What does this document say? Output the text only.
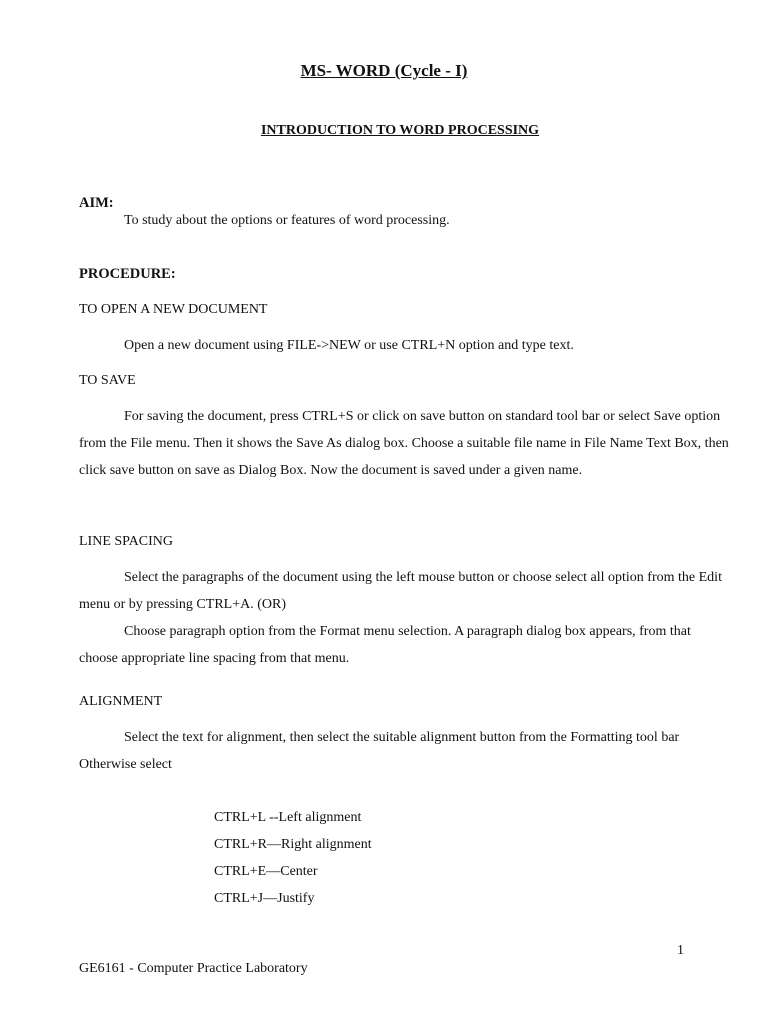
MS- WORD (Cycle - I)
INTRODUCTION TO WORD PROCESSING
AIM:
To study about the options or features of word processing.
PROCEDURE:
TO OPEN A NEW DOCUMENT
Open a new document using FILE->NEW or use CTRL+N option and type text.
TO SAVE
For saving the document, press CTRL+S or click on save button on standard tool bar or select Save option from the File menu. Then it shows the Save As dialog box. Choose a suitable file name in File Name Text Box, then click save button on save as Dialog Box. Now the document is saved under a given name.
LINE SPACING
Select the paragraphs of the document using the left mouse button or choose select all option from the Edit menu or by pressing CTRL+A. (OR)
Choose paragraph option from the Format menu selection. A paragraph dialog box appears, from that choose appropriate line spacing from that menu.
ALIGNMENT
Select the text for alignment, then select the suitable alignment button from the Formatting tool bar Otherwise select
CTRL+L --Left alignment
CTRL+R—Right alignment
CTRL+E—Center
CTRL+J—Justify
1
GE6161 - Computer Practice Laboratory
